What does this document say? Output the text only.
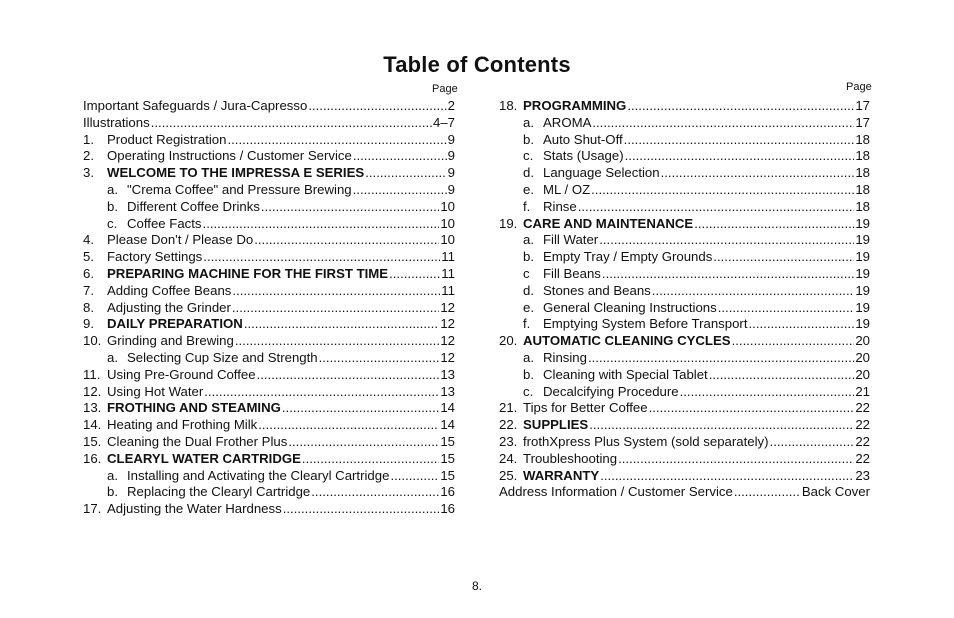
Table of Contents
Page	Page
Important Safeguards / Jura-Capresso .....	2
Illustrations .....	4–7
1. Product Registration .....	9
2. Operating Instructions / Customer Service .....	9
3. WELCOME TO THE IMPRESSA E SERIES .....	9
a. "Crema Coffee" and Pressure Brewing .....	9
b. Different Coffee Drinks .....	10
c. Coffee Facts .....	10
4. Please Don't / Please Do .....	10
5. Factory Settings .....	11
6. PREPARING MACHINE FOR THE FIRST TIME .....	11
7. Adding Coffee Beans .....	11
8. Adjusting the Grinder .....	12
9. DAILY PREPARATION .....	12
10. Grinding and Brewing .....	12
a. Selecting Cup Size and Strength .....	12
11. Using Pre-Ground Coffee .....	13
12. Using Hot Water .....	13
13. FROTHING AND STEAMING .....	14
14. Heating and Frothing Milk .....	14
15. Cleaning the Dual Frother Plus .....	15
16. CLEARYL WATER CARTRIDGE .....	15
a. Installing and Activating the Clearyl Cartridge .....	15
b. Replacing the Clearyl Cartridge .....	16
17. Adjusting the Water Hardness .....	16
18. PROGRAMMING .....	17
a. AROMA .....	17
b. Auto Shut-Off .....	18
c. Stats (Usage) .....	18
d. Language Selection .....	18
e. ML / OZ .....	18
f. Rinse .....	18
19. CARE AND MAINTENANCE .....	19
a. Fill Water .....	19
b. Empty Tray / Empty Grounds .....	19
c	Fill Beans .....	19
d. Stones and Beans .....	19
e. General Cleaning Instructions .....	19
f. Emptying System Before Transport .....	19
20. AUTOMATIC CLEANING CYCLES .....	20
a. Rinsing .....	20
b. Cleaning with Special Tablet .....	20
c. Decalcifying Procedure .....	21
21. Tips for Better Coffee .....	22
22. SUPPLIES .....	22
23. frothXpress Plus System (sold separately) .....	22
24. Troubleshooting .....	22
25. WARRANTY .....	23
Address Information / Customer Service .....	Back Cover
8.
